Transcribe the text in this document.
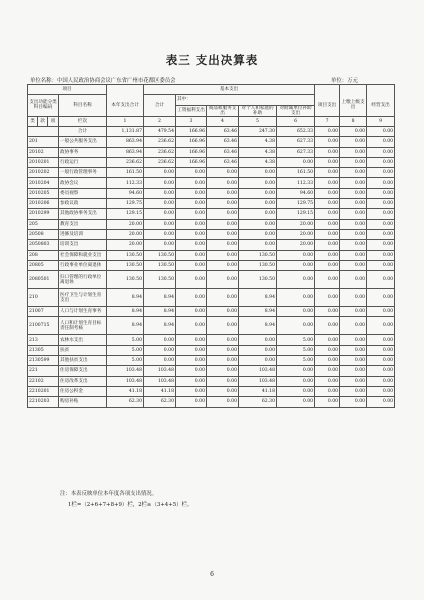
表三 支出决算表
单位名称：中国人民政治协商会议广东省广州市花都区委员会	单位：万元
项目					基本支出							
支出功能分类科目编码			科目名称	本年支出合计	合计	其中：				项目支出	上缴上级支出	经营支出
						工资福利支出	商品和服务支出	对个人和家庭的补助	对附属单位补助支出			
类	款	项	栏次	1	2	3	4	5	6	7	8	9
			合计	1,131.87	479.54	166.96	63.46	247.30	652.33	0.00	0.00	0.00
201			一般公共服务支出	863.94	236.62	166.96	63.46	4.38	627.33	0.00	0.00	0.00
20102			政协事务	863.94	236.62	166.96	63.46	4.38	627.33	0.00	0.00	0.00
2010201			行政运行	236.62	236.62	166.96	63.46	4.38	0.00	0.00	0.00	0.00
2010202			一般行政管理事务	161.50	0.00	0.00	0.00	0.00	161.50	0.00	0.00	0.00
2010204			政协会议	112.33	0.00	0.00	0.00	0.00	112.33	0.00	0.00	0.00
2010205			委员视察	94.60	0.00	0.00	0.00	0.00	94.60	0.00	0.00	0.00
2010206			参政议政	129.75	0.00	0.00	0.00	0.00	129.75	0.00	0.00	0.00
2010299			其他政协事务支出	129.15	0.00	0.00	0.00	0.00	129.15	0.00	0.00	0.00
205			教育支出	20.00	0.00	0.00	0.00	0.00	20.00	0.00	0.00	0.00
20508			进修及培训	20.00	0.00	0.00	0.00	0.00	20.00	0.00	0.00	0.00
2050803			培训支出	20.00	0.00	0.00	0.00	0.00	20.00	0.00	0.00	0.00
208			社会保障和就业支出	130.50	130.50	0.00	0.00	130.50	0.00	0.00	0.00	0.00
20805			行政事业单位离退休	130.50	130.50	0.00	0.00	130.50	0.00	0.00	0.00	0.00
2080501			归口管理的行政单位离退休	130.50	130.50	0.00	0.00	130.50	0.00	0.00	0.00	0.00
210			医疗卫生与计划生育支出	8.94	8.94	0.00	0.00	8.94	0.00	0.00	0.00	0.00
21007			人口与计划生育事务	8.94	8.94	0.00	0.00	8.94	0.00	0.00	0.00	0.00
2100715			人口和计划生育目标责任制考核	8.94	8.94	0.00	0.00	8.94	0.00	0.00	0.00	0.00
213			农林水支出	5.00	0.00	0.00	0.00	0.00	5.00	0.00	0.00	0.00
21305			扶贫	5.00	0.00	0.00	0.00	0.00	5.00	0.00	0.00	0.00
2130599			其他扶贫支出	5.00	0.00	0.00	0.00	0.00	5.00	0.00	0.00	0.00
221			住房保障支出	103.48	103.48	0.00	0.00	103.48	0.00	0.00	0.00	0.00
22102			住房改革支出	103.48	103.48	0.00	0.00	103.48	0.00	0.00	0.00	0.00
2210201			住房公积金	41.18	41.18	0.00	0.00	41.18	0.00	0.00	0.00	0.00
2210203			购房补贴	62.30	62.30	0.00	0.00	62.30	0.00	0.00	0.00	0.00
注：本表反映单位本年度各项支出情况。
1栏=（2+6+7+8+9）栏，2栏≥（3+4+5）栏。
6
